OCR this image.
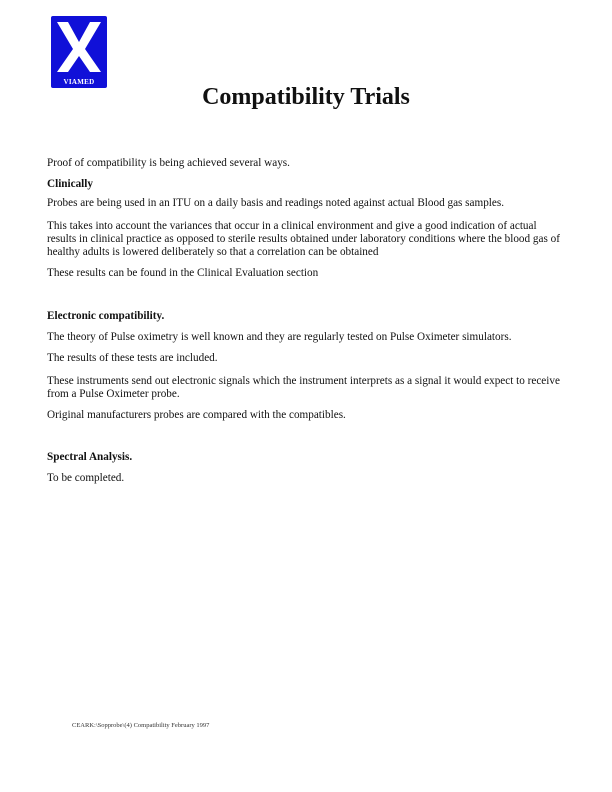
VIAMED
Compatibility Trials

Proof of compatibility is being achieved several ways.

Clinically

Probes are being used in an ITU on a daily basis and readings noted against actual Blood gas samples.

This takes into account the variances that occur in a clinical environment and give a good indication of actual results in clinical practice as opposed to sterile results obtained under laboratory conditions where the blood gas of healthy adults is lowered deliberately so that a correlation can be obtained

These results can be found in the Clinical Evaluation section

Electronic compatibility.

The theory of Pulse oximetry is well known and they are regularly tested on Pulse Oximeter simulators.

The results of these tests are included.

These instruments send out electronic signals which the instrument interprets as a signal it would expect to receive from a Pulse Oximeter probe.

Original manufacturers probes are compared with the compatibles.

Spectral Analysis.

To be completed.

CEARK:\Sopprobe\(4) Compatibility February 1997
